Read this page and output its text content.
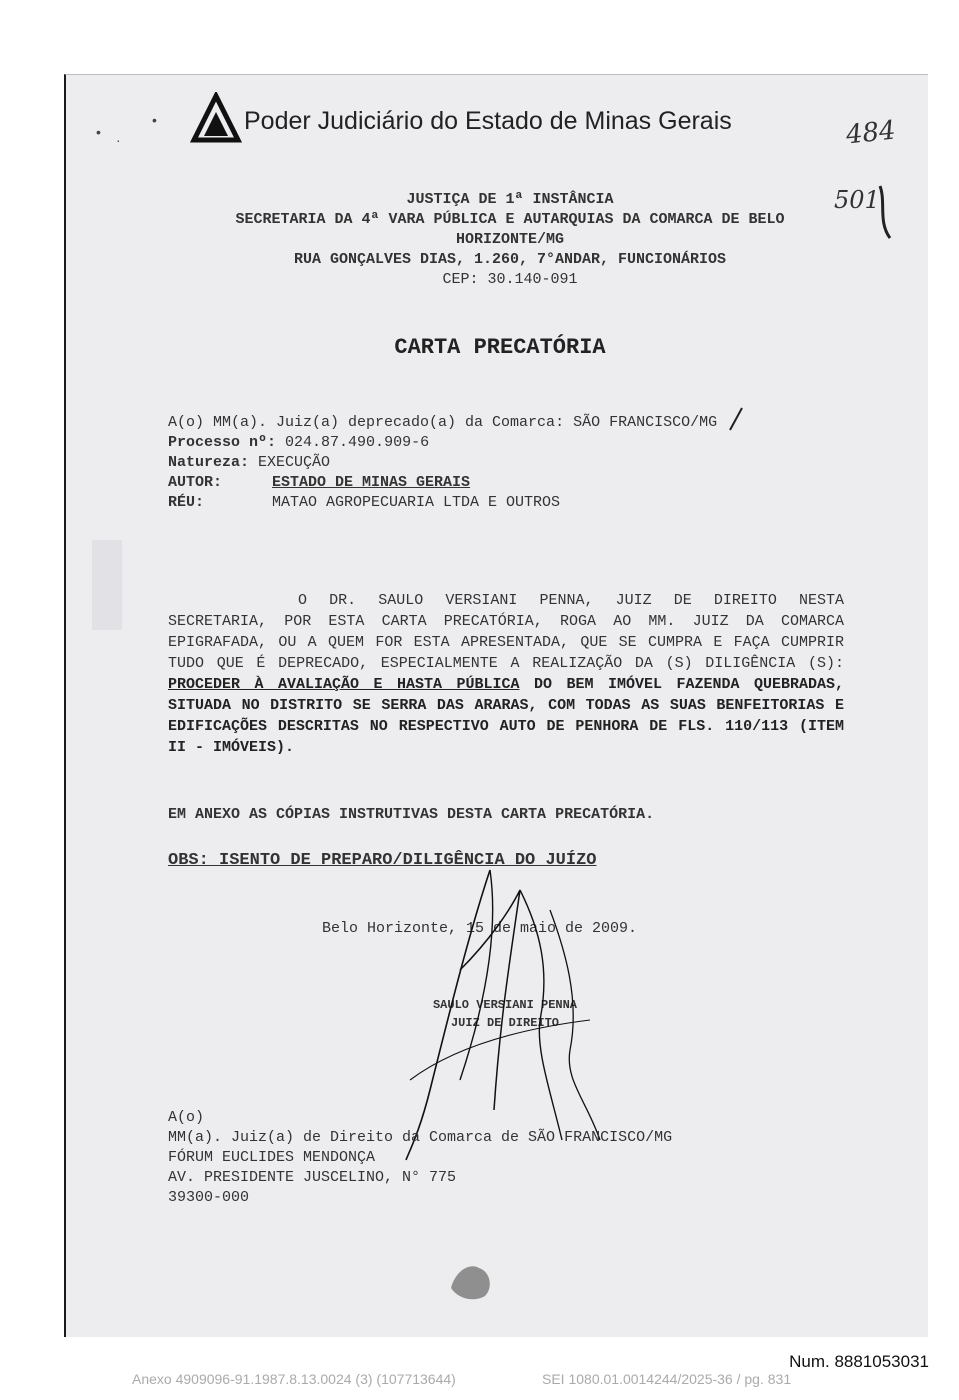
• ·
•	Poder Judiciário do Estado de Minas Gerais	484
501
JUSTIÇA DE 1ª INSTÂNCIA
SECRETARIA DA 4ª VARA PÚBLICA E AUTARQUIAS DA COMARCA DE BELO
HORIZONTE/MG
RUA GONÇALVES DIAS, 1.260, 7°ANDAR, FUNCIONÁRIOS
CEP: 30.140-091
CARTA PRECATÓRIA
A(o) MM(a). Juiz(a) deprecado(a) da Comarca: SÃO FRANCISCO/MG
Processo nº:
024.87.490.909-6
Natureza:
EXECUÇÃO
AUTOR:	ESTADO DE MINAS GERAIS
RÉU:	MATAO AGROPECUARIA LTDA E OUTROS
O DR. SAULO VERSIANI PENNA, JUIZ DE DIREITO NESTA SECRETARIA, POR ESTA CARTA PRECATÓRIA, ROGA AO MM. JUIZ DA COMARCA EPIGRAFADA, OU A QUEM FOR ESTA APRESENTADA, QUE SE CUMPRA E FAÇA CUMPRIR TUDO QUE É DEPRECADO, ESPECIALMENTE A REALIZAÇÃO DA (S) DILIGÊNCIA (S): PROCEDER À AVALIAÇÃO E HASTA PÚBLICA DO BEM IMÓVEL FAZENDA QUEBRADAS, SITUADA NO DISTRITO SE SERRA DAS ARARAS, COM TODAS AS SUAS BENFEITORIAS E EDIFICAÇÕES DESCRITAS NO RESPECTIVO AUTO DE PENHORA DE FLS. 110/113 (ITEM II - IMÓVEIS).
EM ANEXO AS CÓPIAS INSTRUTIVAS DESTA CARTA PRECATÓRIA.
OBS: ISENTO DE PREPARO/DILIGÊNCIA DO JUÍZO
Belo Horizonte, 15 de maio de 2009.
SAULO VERSIANI PENNA
JUIZ DE DIREITO
A(o)
MM(a). Juiz(a) de Direito da Comarca de SÃO FRANCISCO/MG
FÓRUM EUCLIDES MENDONÇA
AV. PRESIDENTE JUSCELINO, N° 775
39300-000
Num. 8881053031
Anexo 4909096-91.1987.8.13.0024 (3) (107713644)	SEI 1080.01.0014244/2025-36 / pg. 831
